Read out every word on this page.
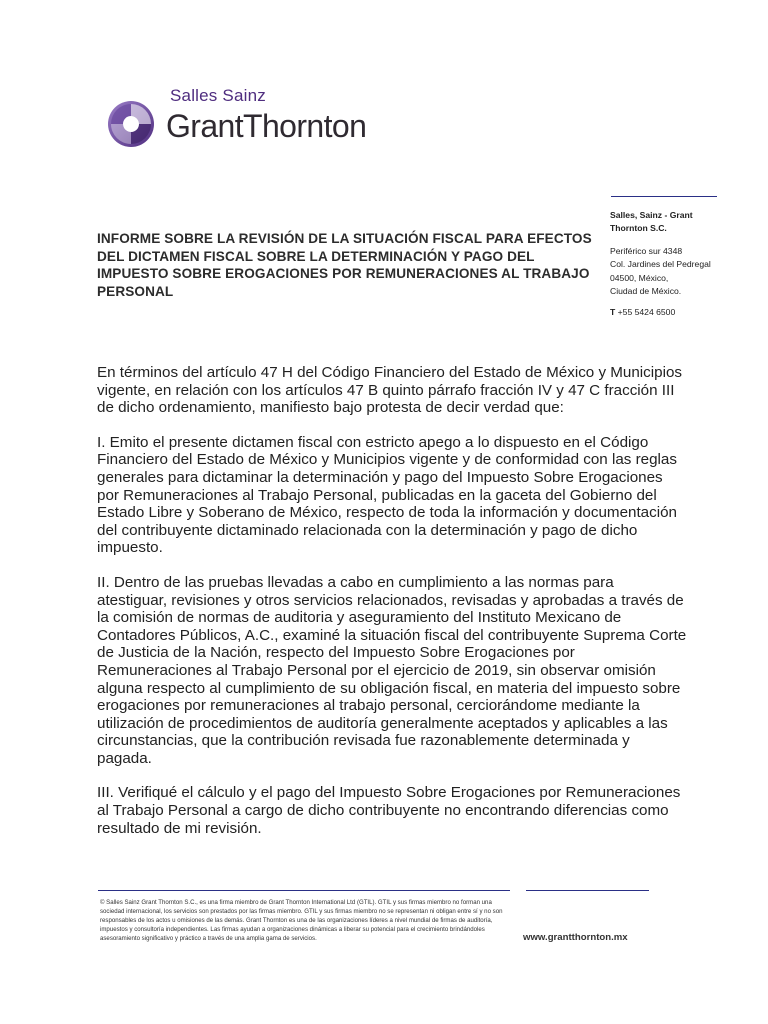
Salles Sainz
GrantThornton
Salles, Sainz - Grant
Thornton S.C.
Periférico sur 4348
Col. Jardines del Pedregal
04500, México,
Ciudad de México.
T +55 5424 6500
INFORME SOBRE LA REVISIÓN DE LA SITUACIÓN FISCAL PARA EFECTOS DEL DICTAMEN FISCAL SOBRE LA DETERMINACIÓN Y PAGO DEL IMPUESTO SOBRE EROGACIONES POR REMUNERACIONES AL TRABAJO PERSONAL

En términos del artículo 47 H del Código Financiero del Estado de México y Municipios vigente, en relación con los artículos 47 B quinto párrafo fracción IV y 47 C fracción III de dicho ordenamiento, manifiesto bajo protesta de decir verdad que:

I. Emito el presente dictamen fiscal con estricto apego a lo dispuesto en el Código Financiero del Estado de México y Municipios vigente y de conformidad con las reglas generales para dictaminar la determinación y pago del Impuesto Sobre Erogaciones por Remuneraciones al Trabajo Personal, publicadas en la gaceta del Gobierno del Estado Libre y Soberano de México, respecto de toda la información y documentación del contribuyente dictaminado relacionada con la determinación y pago de dicho impuesto.

II. Dentro de las pruebas llevadas a cabo en cumplimiento a las normas para atestiguar, revisiones y otros servicios relacionados, revisadas y aprobadas a través de la comisión de normas de auditoria y aseguramiento del Instituto Mexicano de Contadores Públicos, A.C., examiné la situación fiscal del contribuyente Suprema Corte de Justicia de la Nación, respecto del Impuesto Sobre Erogaciones por Remuneraciones al Trabajo Personal por el ejercicio de 2019, sin observar omisión alguna respecto al cumplimiento de su obligación fiscal, en materia del impuesto sobre erogaciones por remuneraciones al trabajo personal, cerciorándome mediante la utilización de procedimientos de auditoría generalmente aceptados y aplicables a las circunstancias, que la contribución revisada fue razonablemente determinada y pagada.

III. Verifiqué el cálculo y el pago del Impuesto Sobre Erogaciones por Remuneraciones al Trabajo Personal a cargo de dicho contribuyente no encontrando diferencias como resultado de mi revisión.

© Salles Sainz Grant Thornton S.C., es una firma miembro de Grant Thornton International Ltd (GTIL). GTIL y sus firmas miembro no forman una sociedad internacional, los servicios son prestados por las firmas miembro. GTIL y sus firmas miembro no se representan ni obligan entre sí y no son responsables de los actos u omisiones de las demás. Grant Thornton es una de las organizaciones líderes a nivel mundial de firmas de auditoría, impuestos y consultoría independientes. Las firmas ayudan a organizaciones dinámicas a liberar su potencial para el crecimiento brindándoles asesoramiento significativo y práctico a través de una amplia gama de servicios.	www.grantthornton.mx
